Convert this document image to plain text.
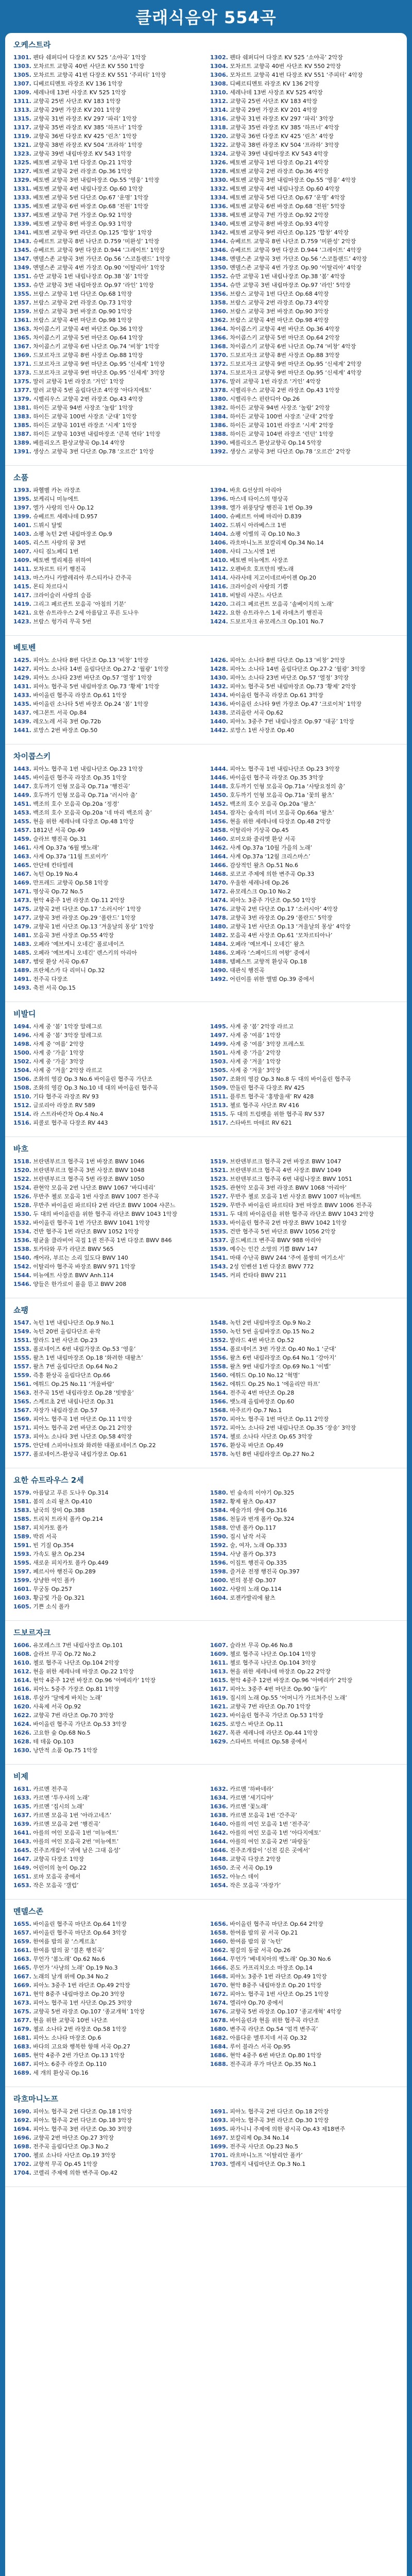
클래식음악 554곡
오케스트라
1301. 펜타 쉐퍼디어 다장조 KV 525 ‘소야곡’ 1악장	1302. 펜타 쉐퍼디어 다장조 KV 525 ‘소야곡’ 2악장
1303. 모차르트 교향곡 40번 사단조 KV 550 1악장	1304. 모차르트 교향곡 40번 사단조 KV 550 2악장
1305. 모차르트 교향곡 41번 다장조 KV 551 ‘주피터’ 1악장	1306. 모차르트 교향곡 41번 다장조 KV 551 ‘주피터’ 4악장
1307. 디베르티멘토 라장조 KV 136 1악장	1308. 디베르티멘토 라장조 KV 136 2악장
1309. 세레나데 13번 사장조 KV 525 1악장	1310. 세레나데 13번 사장조 KV 525 4악장
1311. 교향곡 25번 사단조 KV 183 1악장	1312. 교향곡 25번 사단조 KV 183 4악장
1313. 교향곡 29번 가장조 KV 201 1악장	1314. 교향곡 29번 가장조 KV 201 4악장
1315. 교향곡 31번 라장조 KV 297 ‘파리’ 1악장	1316. 교향곡 31번 라장조 KV 297 ‘파리’ 3악장
1317. 교향곡 35번 라장조 KV 385 ‘하프너’ 1악장	1318. 교향곡 35번 라장조 KV 385 ‘하프너’ 4악장
1319. 교향곡 36번 다장조 KV 425 ‘린츠’ 1악장	1320. 교향곡 36번 다장조 KV 425 ‘린츠’ 4악장
1321. 교향곡 38번 라장조 KV 504 ‘프라하’ 1악장	1322. 교향곡 38번 라장조 KV 504 ‘프라하’ 3악장
1323. 교향곡 39번 내림마장조 KV 543 1악장	1324. 교향곡 39번 내림마장조 KV 543 4악장
1325. 베토벤 교향곡 1번 다장조 Op.21 1악장	1326. 베토벤 교향곡 1번 다장조 Op.21 4악장
1327. 베토벤 교향곡 2번 라장조 Op.36 1악장	1328. 베토벤 교향곡 2번 라장조 Op.36 4악장
1329. 베토벤 교향곡 3번 내림마장조 Op.55 ‘영웅’ 1악장	1330. 베토벤 교향곡 3번 내림마장조 Op.55 ‘영웅’ 4악장
1331. 베토벤 교향곡 4번 내림나장조 Op.60 1악장	1332. 베토벤 교향곡 4번 내림나장조 Op.60 4악장
1333. 베토벤 교향곡 5번 다단조 Op.67 ‘운명’ 1악장	1334. 베토벤 교향곡 5번 다단조 Op.67 ‘운명’ 4악장
1335. 베토벤 교향곡 6번 바장조 Op.68 ‘전원’ 1악장	1336. 베토벤 교향곡 6번 바장조 Op.68 ‘전원’ 5악장
1337. 베토벤 교향곡 7번 가장조 Op.92 1악장	1338. 베토벤 교향곡 7번 가장조 Op.92 2악장
1339. 베토벤 교향곡 8번 바장조 Op.93 1악장	1340. 베토벤 교향곡 8번 바장조 Op.93 4악장
1341. 베토벤 교향곡 9번 라단조 Op.125 ‘합창’ 1악장	1342. 베토벤 교향곡 9번 라단조 Op.125 ‘합창’ 4악장
1343. 슈베르트 교향곡 8번 나단조 D.759 ‘미완성’ 1악장	1344. 슈베르트 교향곡 8번 나단조 D.759 ‘미완성’ 2악장
1345. 슈베르트 교향곡 9번 다장조 D.944 ‘그레이트’ 1악장	1346. 슈베르트 교향곡 9번 다장조 D.944 ‘그레이트’ 4악장
1347. 멘델스존 교향곡 3번 가단조 Op.56 ‘스코틀랜드’ 1악장	1348. 멘델스존 교향곡 3번 가단조 Op.56 ‘스코틀랜드’ 4악장
1349. 멘델스존 교향곡 4번 가장조 Op.90 ‘이탈리아’ 1악장	1350. 멘델스존 교향곡 4번 가장조 Op.90 ‘이탈리아’ 4악장
1351. 슈만 교향곡 1번 내림나장조 Op.38 ‘봄’ 1악장	1352. 슈만 교향곡 1번 내림나장조 Op.38 ‘봄’ 4악장
1353. 슈만 교향곡 3번 내림마장조 Op.97 ‘라인’ 1악장	1354. 슈만 교향곡 3번 내림마장조 Op.97 ‘라인’ 5악장
1355. 브람스 교향곡 1번 다단조 Op.68 1악장	1356. 브람스 교향곡 1번 다단조 Op.68 4악장
1357. 브람스 교향곡 2번 라장조 Op.73 1악장	1358. 브람스 교향곡 2번 라장조 Op.73 4악장
1359. 브람스 교향곡 3번 바장조 Op.90 1악장	1360. 브람스 교향곡 3번 바장조 Op.90 3악장
1361. 브람스 교향곡 4번 마단조 Op.98 1악장	1362. 브람스 교향곡 4번 마단조 Op.98 4악장
1363. 차이콥스키 교향곡 4번 바단조 Op.36 1악장	1364. 차이콥스키 교향곡 4번 바단조 Op.36 4악장
1365. 차이콥스키 교향곡 5번 마단조 Op.64 1악장	1366. 차이콥스키 교향곡 5번 마단조 Op.64 2악장
1367. 차이콥스키 교향곡 6번 나단조 Op.74 ‘비창’ 1악장	1368. 차이콥스키 교향곡 6번 나단조 Op.74 ‘비창’ 4악장
1369. 드보르자크 교향곡 8번 사장조 Op.88 1악장	1370. 드보르자크 교향곡 8번 사장조 Op.88 3악장
1371. 드보르자크 교향곡 9번 마단조 Op.95 ‘신세계’ 1악장	1372. 드보르자크 교향곡 9번 마단조 Op.95 ‘신세계’ 2악장
1373. 드보르자크 교향곡 9번 마단조 Op.95 ‘신세계’ 3악장	1374. 드보르자크 교향곡 9번 마단조 Op.95 ‘신세계’ 4악장
1375. 말러 교향곡 1번 라장조 ‘거인’ 1악장	1376. 말러 교향곡 1번 라장조 ‘거인’ 4악장
1377. 말러 교향곡 5번 올림다단조 4악장 ‘아다지에토’	1378. 시벨리우스 교향곡 2번 라장조 Op.43 1악장
1379. 시벨리우스 교향곡 2번 라장조 Op.43 4악장	1380. 시벨리우스 핀란디아 Op.26
1381. 하이든 교향곡 94번 사장조 ‘놀람’ 1악장	1382. 하이든 교향곡 94번 사장조 ‘놀람’ 2악장
1383. 하이든 교향곡 100번 사장조 ‘군대’ 1악장	1384. 하이든 교향곡 100번 사장조 ‘군대’ 2악장
1385. 하이든 교향곡 101번 라장조 ‘시계’ 1악장	1386. 하이든 교향곡 101번 라장조 ‘시계’ 2악장
1387. 하이든 교향곡 103번 내림마장조 ‘큰북 연타’ 1악장	1388. 하이든 교향곡 104번 라장조 ‘런던’ 1악장
1389. 베를리오즈 환상교향곡 Op.14 4악장	1390. 베를리오즈 환상교향곡 Op.14 5악장
1391. 생상스 교향곡 3번 다단조 Op.78 ‘오르간’ 1악장	1392. 생상스 교향곡 3번 다단조 Op.78 ‘오르간’ 2악장
소품
1393. 파헬벨 카논 라장조	1394. 바흐 G선상의 아리아
1395. 보케리니 미뉴에트	1396. 마스네 타이스의 명상곡
1397. 엘가 사랑의 인사 Op.12	1398. 엘가 위풍당당 행진곡 1번 Op.39
1399. 슈베르트 세레나데 D.957	1400. 슈베르트 아베 마리아 D.839
1401. 드뷔시 달빛	1402. 드뷔시 아라베스크 1번
1403. 쇼팽 녹턴 2번 내림마장조 Op.9	1404. 쇼팽 이별의 곡 Op.10 No.3
1405. 리스트 사랑의 꿈 3번	1406. 라흐마니노프 보칼리제 Op.34 No.14
1407. 사티 짐노페디 1번	1408. 사티 그노시엔 1번
1409. 베토벤 엘리제를 위하여	1410. 베토벤 미뉴에트 사장조
1411. 모차르트 터키 행진곡	1412. 오펜바흐 호프만의 뱃노래
1413. 마스카니 카발레리아 루스티카나 간주곡	1414. 사라사테 지고이네르바이젠 Op.20
1415. 몬티 차르다시	1416. 크라이슬러 사랑의 기쁨
1417. 크라이슬러 사랑의 슬픔	1418. 비탈리 샤콘느 사단조
1419. 그리그 페르귄트 모음곡 ‘아침의 기분’	1420. 그리그 페르귄트 모음곡 ‘솔베이지의 노래’
1421. 요한 슈트라우스 2세 아름답고 푸른 도나우	1422. 요한 슈트라우스 1세 라데츠키 행진곡
1423. 브람스 헝가리 무곡 5번	1424. 드보르자크 유모레스크 Op.101 No.7
베토벤
1425. 피아노 소나타 8번 다단조 Op.13 ‘비창’ 1악장	1426. 피아노 소나타 8번 다단조 Op.13 ‘비창’ 2악장
1427. 피아노 소나타 14번 올림다단조 Op.27-2 ‘월광’ 1악장	1428. 피아노 소나타 14번 올림다단조 Op.27-2 ‘월광’ 3악장
1429. 피아노 소나타 23번 바단조 Op.57 ‘열정’ 1악장	1430. 피아노 소나타 23번 바단조 Op.57 ‘열정’ 3악장
1431. 피아노 협주곡 5번 내림마장조 Op.73 ‘황제’ 1악장	1432. 피아노 협주곡 5번 내림마장조 Op.73 ‘황제’ 2악장
1433. 바이올린 협주곡 라장조 Op.61 1악장	1434. 바이올린 협주곡 라장조 Op.61 3악장
1435. 바이올린 소나타 5번 바장조 Op.24 ‘봄’ 1악장	1436. 바이올린 소나타 9번 가장조 Op.47 ‘크로이처’ 1악장
1437. 에그몬트 서곡 Op.84	1438. 코리올란 서곡 Op.62
1439. 레오노레 서곡 3번 Op.72b	1440. 피아노 3중주 7번 내림나장조 Op.97 ‘대공’ 1악장
1441. 로망스 2번 바장조 Op.50	1442. 로망스 1번 사장조 Op.40
차이콥스키
1443. 피아노 협주곡 1번 내림나단조 Op.23 1악장	1444. 피아노 협주곡 1번 내림나단조 Op.23 3악장
1445. 바이올린 협주곡 라장조 Op.35 1악장	1446. 바이올린 협주곡 라장조 Op.35 3악장
1447. 호두까기 인형 모음곡 Op.71a ‘행진곡’	1448. 호두까기 인형 모음곡 Op.71a ‘사탕요정의 춤’
1449. 호두까기 인형 모음곡 Op.71a ‘러시아 춤’	1450. 호두까기 인형 모음곡 Op.71a ‘꽃의 왈츠’
1451. 백조의 호수 모음곡 Op.20a ‘정경’	1452. 백조의 호수 모음곡 Op.20a ‘왈츠’
1453. 백조의 호수 모음곡 Op.20a ‘네 마리 백조의 춤’	1454. 잠자는 숲속의 미녀 모음곡 Op.66a ‘왈츠’
1455. 현을 위한 세레나데 다장조 Op.48 1악장	1456. 현을 위한 세레나데 다장조 Op.48 2악장
1457. 1812년 서곡 Op.49	1458. 이탈리아 기상곡 Op.45
1459. 슬라브 행진곡 Op.31	1460. 로미오와 줄리엣 환상 서곡
1461. 사계 Op.37a ‘6월 뱃노래’	1462. 사계 Op.37a ‘10월 가을의 노래’
1463. 사계 Op.37a ‘11월 트로이카’	1464. 사계 Op.37a ‘12월 크리스마스’
1465. 안단테 칸타빌레	1466. 감상적인 왈츠 Op.51 No.6
1467. 녹턴 Op.19 No.4	1468. 로코코 주제에 의한 변주곡 Op.33
1469. 만프레드 교향곡 Op.58 1악장	1470. 우울한 세레나데 Op.26
1471. 명상곡 Op.72 No.5	1472. 유모레스크 Op.10 No.2
1473. 현악 4중주 1번 라장조 Op.11 2악장	1474. 피아노 3중주 가단조 Op.50 1악장
1475. 교향곡 2번 다단조 Op.17 ‘소러시아’ 1악장	1476. 교향곡 2번 다단조 Op.17 ‘소러시아’ 4악장
1477. 교향곡 3번 라장조 Op.29 ‘폴란드’ 1악장	1478. 교향곡 3번 라장조 Op.29 ‘폴란드’ 5악장
1479. 교향곡 1번 사단조 Op.13 ‘겨울날의 몽상’ 1악장	1480. 교향곡 1번 사단조 Op.13 ‘겨울날의 몽상’ 4악장
1481. 모음곡 3번 사장조 Op.55 4악장	1482. 모음곡 4번 사장조 Op.61 ‘모차르티아나’
1483. 오페라 ‘예브게니 오네긴’ 폴로네이즈	1484. 오페라 ‘예브게니 오네긴’ 왈츠
1485. 오페라 ‘예브게니 오네긴’ 렌스키의 아리아	1486. 오페라 ‘스페이드의 여왕’ 중에서
1487. 햄릿 환상 서곡 Op.67	1488. 템페스트 교향적 환상곡 Op.18
1489. 프란체스카 다 리미니 Op.32	1490. 대관식 행진곡
1491. 전주곡 다장조	1492. 어린이를 위한 앨범 Op.39 중에서
1493. 축전 서곡 Op.15
비발디
1494. 사계 중 ‘봄’ 1악장 알레그로	1495. 사계 중 ‘봄’ 2악장 라르고
1496. 사계 중 ‘봄’ 3악장 알레그로	1497. 사계 중 ‘여름’ 1악장
1498. 사계 중 ‘여름’ 2악장	1499. 사계 중 ‘여름’ 3악장 프레스토
1500. 사계 중 ‘가을’ 1악장	1501. 사계 중 ‘가을’ 2악장
1502. 사계 중 ‘가을’ 3악장	1503. 사계 중 ‘겨울’ 1악장
1504. 사계 중 ‘겨울’ 2악장 라르고	1505. 사계 중 ‘겨울’ 3악장
1506. 조화의 영감 Op.3 No.6 바이올린 협주곡 가단조	1507. 조화의 영감 Op.3 No.8 두 대의 바이올린 협주곡
1508. 조화의 영감 Op.3 No.10 네 대의 바이올린 협주곡	1509. 만돌린 협주곡 다장조 RV 425
1510. 기타 협주곡 라장조 RV 93	1511. 플루트 협주곡 ‘홍방울새’ RV 428
1512. 글로리아 라장조 RV 589	1513. 첼로 협주곡 사단조 RV 416
1514. 라 스트라바간차 Op.4 No.4	1515. 두 대의 트럼펫을 위한 협주곡 RV 537
1516. 피콜로 협주곡 다장조 RV 443	1517. 스타바트 마테르 RV 621
바흐
1518. 브란덴부르크 협주곡 1번 바장조 BWV 1046	1519. 브란덴부르크 협주곡 2번 바장조 BWV 1047
1520. 브란덴부르크 협주곡 3번 사장조 BWV 1048	1521. 브란덴부르크 협주곡 4번 사장조 BWV 1049
1522. 브란덴부르크 협주곡 5번 라장조 BWV 1050	1523. 브란덴부르크 협주곡 6번 내림나장조 BWV 1051
1524. 관현악 모음곡 2번 나단조 BWV 1067 ‘바디네리’	1525. 관현악 모음곡 3번 라장조 BWV 1068 ‘아리아’
1526. 무반주 첼로 모음곡 1번 사장조 BWV 1007 전주곡	1527. 무반주 첼로 모음곡 1번 사장조 BWV 1007 미뉴에트
1528. 무반주 바이올린 파르티타 2번 라단조 BWV 1004 샤콘느	1529. 무반주 바이올린 파르티타 3번 마장조 BWV 1006 전주곡
1530. 두 대의 바이올린을 위한 협주곡 라단조 BWV 1043 1악장	1531. 두 대의 바이올린을 위한 협주곡 라단조 BWV 1043 2악장
1532. 바이올린 협주곡 1번 가단조 BWV 1041 1악장	1533. 바이올린 협주곡 2번 마장조 BWV 1042 1악장
1534. 건반 협주곡 1번 라단조 BWV 1052 1악장	1535. 건반 협주곡 5번 바단조 BWV 1056 2악장
1536. 평균율 클라비어 곡집 1권 전주곡 1번 다장조 BWV 846	1537. 골드베르크 변주곡 BWV 988 아리아
1538. 토카타와 푸가 라단조 BWV 565	1539. 예수는 인간 소망의 기쁨 BWV 147
1540. 깨어라, 부르는 소리 있도다 BWV 140	1541. 마태 수난곡 BWV 244 ‘주여 불쌍히 여기소서’
1542. 이탈리아 협주곡 바장조 BWV 971 1악장	1543. 2성 인벤션 1번 다장조 BWV 772
1544. 미뉴에트 사장조 BWV Anh.114	1545. 커피 칸타타 BWV 211
1546. 양들은 한가로이 풀을 뜯고 BWV 208
쇼팽
1547. 녹턴 1번 내림나단조 Op.9 No.1	1548. 녹턴 2번 내림마장조 Op.9 No.2
1549. 녹턴 20번 올림다단조 유작	1550. 녹턴 5번 올림바장조 Op.15 No.2
1551. 발라드 1번 사단조 Op.23	1552. 발라드 4번 바단조 Op.52
1553. 폴로네이즈 6번 내림가장조 Op.53 ‘영웅’	1554. 폴로네이즈 3번 가장조 Op.40 No.1 ‘군대’
1555. 왈츠 1번 내림마장조 Op.18 ‘화려한 대왈츠’	1556. 왈츠 6번 내림라장조 Op.64 No.1 ‘강아지’
1557. 왈츠 7번 올림다단조 Op.64 No.2	1558. 왈츠 9번 내림가장조 Op.69 No.1 ‘이별’
1559. 즉흥 환상곡 올림다단조 Op.66	1560. 에튀드 Op.10 No.12 ‘혁명’
1561. 에튀드 Op.25 No.11 ‘겨울바람’	1562. 에튀드 Op.25 No.1 ‘에올리안 하프’
1563. 전주곡 15번 내림라장조 Op.28 ‘빗방울’	1564. 전주곡 4번 마단조 Op.28
1565. 스케르초 2번 내림나단조 Op.31	1566. 뱃노래 올림바장조 Op.60
1567. 자장가 내림라장조 Op.57	1568. 마주르카 Op.7 No.1
1569. 피아노 협주곡 1번 마단조 Op.11 1악장	1570. 피아노 협주곡 1번 마단조 Op.11 2악장
1571. 피아노 협주곡 2번 바단조 Op.21 2악장	1572. 피아노 소나타 2번 내림나단조 Op.35 ‘장송’ 3악장
1573. 피아노 소나타 3번 나단조 Op.58 4악장	1574. 첼로 소나타 사단조 Op.65 3악장
1575. 안단테 스피아나토와 화려한 대폴로네이즈 Op.22	1576. 환상곡 바단조 Op.49
1577. 폴로네이즈-환상곡 내림가장조 Op.61	1578. 녹턴 8번 내림라장조 Op.27 No.2
요한 슈트라우스 2세
1579. 아름답고 푸른 도나우 Op.314	1580. 빈 숲속의 이야기 Op.325
1581. 봄의 소리 왈츠 Op.410	1582. 황제 왈츠 Op.437
1583. 남국의 장미 Op.388	1584. 예술가의 생애 Op.316
1585. 트리치 트라치 폴카 Op.214	1586. 천둥과 번개 폴카 Op.324
1587. 피치카토 폴카	1588. 안넨 폴카 Op.117
1589. 박쥐 서곡	1590. 집시 남작 서곡
1591. 빈 기질 Op.354	1592. 술, 여자, 노래 Op.333
1593. 가속도 왈츠 Op.234	1594. 사냥 폴카 Op.373
1595. 새로운 피치카토 폴카 Op.449	1596. 이집트 행진곡 Op.335
1597. 페르시아 행진곡 Op.289	1598. 즐거운 전쟁 행진곡 Op.397
1599. 상냥한 여인 폴카	1600. 빈의 봉봉 Op.307
1601. 무궁동 Op.257	1602. 사랑의 노래 Op.114
1603. 황금빛 가을 Op.321	1604. 로젠카발리에 왈츠
1605. 기쁜 소식 폴카
드보르자크
1606. 유모레스크 7번 내림사장조 Op.101	1607. 슬라브 무곡 Op.46 No.8
1608. 슬라브 무곡 Op.72 No.2	1609. 첼로 협주곡 나단조 Op.104 1악장
1610. 첼로 협주곡 나단조 Op.104 2악장	1611. 첼로 협주곡 나단조 Op.104 3악장
1612. 현을 위한 세레나데 마장조 Op.22 1악장	1613. 현을 위한 세레나데 마장조 Op.22 2악장
1614. 현악 4중주 12번 바장조 Op.96 ‘아메리카’ 1악장	1615. 현악 4중주 12번 바장조 Op.96 ‘아메리카’ 2악장
1616. 피아노 5중주 가장조 Op.81 1악장	1617. 피아노 3중주 4번 마단조 Op.90 ‘둠키’
1618. 루살카 ‘달에게 바치는 노래’	1619. 집시의 노래 Op.55 ‘어머니가 가르쳐주신 노래’
1620. 사육제 서곡 Op.92	1621. 교향곡 7번 라단조 Op.70 1악장
1622. 교향곡 7번 라단조 Op.70 3악장	1623. 바이올린 협주곡 가단조 Op.53 1악장
1624. 바이올린 협주곡 가단조 Op.53 3악장	1625. 로망스 바단조 Op.11
1626. 고요한 숲 Op.68 No.5	1627. 목관 세레나데 라단조 Op.44 1악장
1628. 테 데움 Op.103	1629. 스타바트 마테르 Op.58 중에서
1630. 낭만적 소품 Op.75 1악장
비제
1631. 카르멘 전주곡	1632. 카르멘 ‘하바네라’
1633. 카르멘 ‘투우사의 노래’	1634. 카르멘 ‘세기디야’
1635. 카르멘 ‘집시의 노래’	1636. 카르멘 ‘꽃노래’
1637. 카르멘 모음곡 1번 ‘아라고네즈’	1638. 카르멘 모음곡 1번 ‘간주곡’
1639. 카르멘 모음곡 2번 ‘행진곡’	1640. 아를의 여인 모음곡 1번 ‘전주곡’
1641. 아를의 여인 모음곡 1번 ‘미뉴에트’	1642. 아를의 여인 모음곡 1번 ‘아다지에토’
1643. 아를의 여인 모음곡 2번 ‘미뉴에트’	1644. 아를의 여인 모음곡 2번 ‘파랑돌’
1645. 진주조개잡이 ‘귀에 남은 그대 음성’	1646. 진주조개잡이 ‘신전 깊은 곳에서’
1647. 교향곡 다장조 1악장	1648. 교향곡 다장조 2악장
1649. 어린이의 놀이 Op.22	1650. 조국 서곡 Op.19
1651. 로마 모음곡 중에서	1652. 아뉴스 데이
1653. 작은 모음곡 ‘갤럽’	1654. 작은 모음곡 ‘자장가’
멘델스존
1655. 바이올린 협주곡 마단조 Op.64 1악장	1656. 바이올린 협주곡 마단조 Op.64 2악장
1657. 바이올린 협주곡 마단조 Op.64 3악장	1658. 한여름 밤의 꿈 서곡 Op.21
1659. 한여름 밤의 꿈 ‘스케르초’	1660. 한여름 밤의 꿈 ‘녹턴’
1661. 한여름 밤의 꿈 ‘결혼 행진곡’	1662. 핑갈의 동굴 서곡 Op.26
1663. 무언가 ‘봄노래’ Op.62 No.6	1664. 무언가 ‘베네치아의 뱃노래’ Op.30 No.6
1665. 무언가 ‘사냥의 노래’ Op.19 No.3	1666. 론도 카프리치오소 마장조 Op.14
1667. 노래의 날개 위에 Op.34 No.2	1668. 피아노 3중주 1번 라단조 Op.49 1악장
1669. 피아노 3중주 1번 라단조 Op.49 2악장	1670. 현악 8중주 내림마장조 Op.20 1악장
1671. 현악 8중주 내림마장조 Op.20 3악장	1672. 피아노 협주곡 1번 사단조 Op.25 1악장
1673. 피아노 협주곡 1번 사단조 Op.25 3악장	1674. 엘리야 Op.70 중에서
1675. 교향곡 5번 라장조 Op.107 ‘종교개혁’ 1악장	1676. 교향곡 5번 라장조 Op.107 ‘종교개혁’ 4악장
1677. 현을 위한 교향곡 10번 나단조	1678. 바이올린과 현을 위한 협주곡 라단조
1679. 첼로 소나타 2번 라장조 Op.58 1악장	1680. 변주곡 라단조 Op.54 ‘엄격 변주곡’
1681. 피아노 소나타 마장조 Op.6	1682. 아름다운 멜루지네 서곡 Op.32
1683. 바다의 고요와 행복한 항해 서곡 Op.27	1684. 루이 블라스 서곡 Op.95
1685. 현악 4중주 2번 가단조 Op.13 1악장	1686. 현악 4중주 6번 바단조 Op.80 1악장
1687. 피아노 6중주 라장조 Op.110	1688. 전주곡과 푸가 마단조 Op.35 No.1
1689. 세 개의 환상곡 Op.16
라흐마니노프
1690. 피아노 협주곡 2번 다단조 Op.18 1악장	1691. 피아노 협주곡 2번 다단조 Op.18 2악장
1692. 피아노 협주곡 2번 다단조 Op.18 3악장	1693. 피아노 협주곡 3번 라단조 Op.30 1악장
1694. 피아노 협주곡 3번 라단조 Op.30 3악장	1695. 파가니니 주제에 의한 광시곡 Op.43 제18변주
1696. 교향곡 2번 마단조 Op.27 3악장	1697. 보칼리제 Op.34 No.14
1698. 전주곡 올림다단조 Op.3 No.2	1699. 전주곡 사단조 Op.23 No.5
1700. 첼로 소나타 사단조 Op.19 3악장	1701. 라흐마니노프 ‘이탈리안 폴카’
1702. 교향적 무곡 Op.45 1악장	1703. 엘레지 내림마단조 Op.3 No.1
1704. 코렐리 주제에 의한 변주곡 Op.42
